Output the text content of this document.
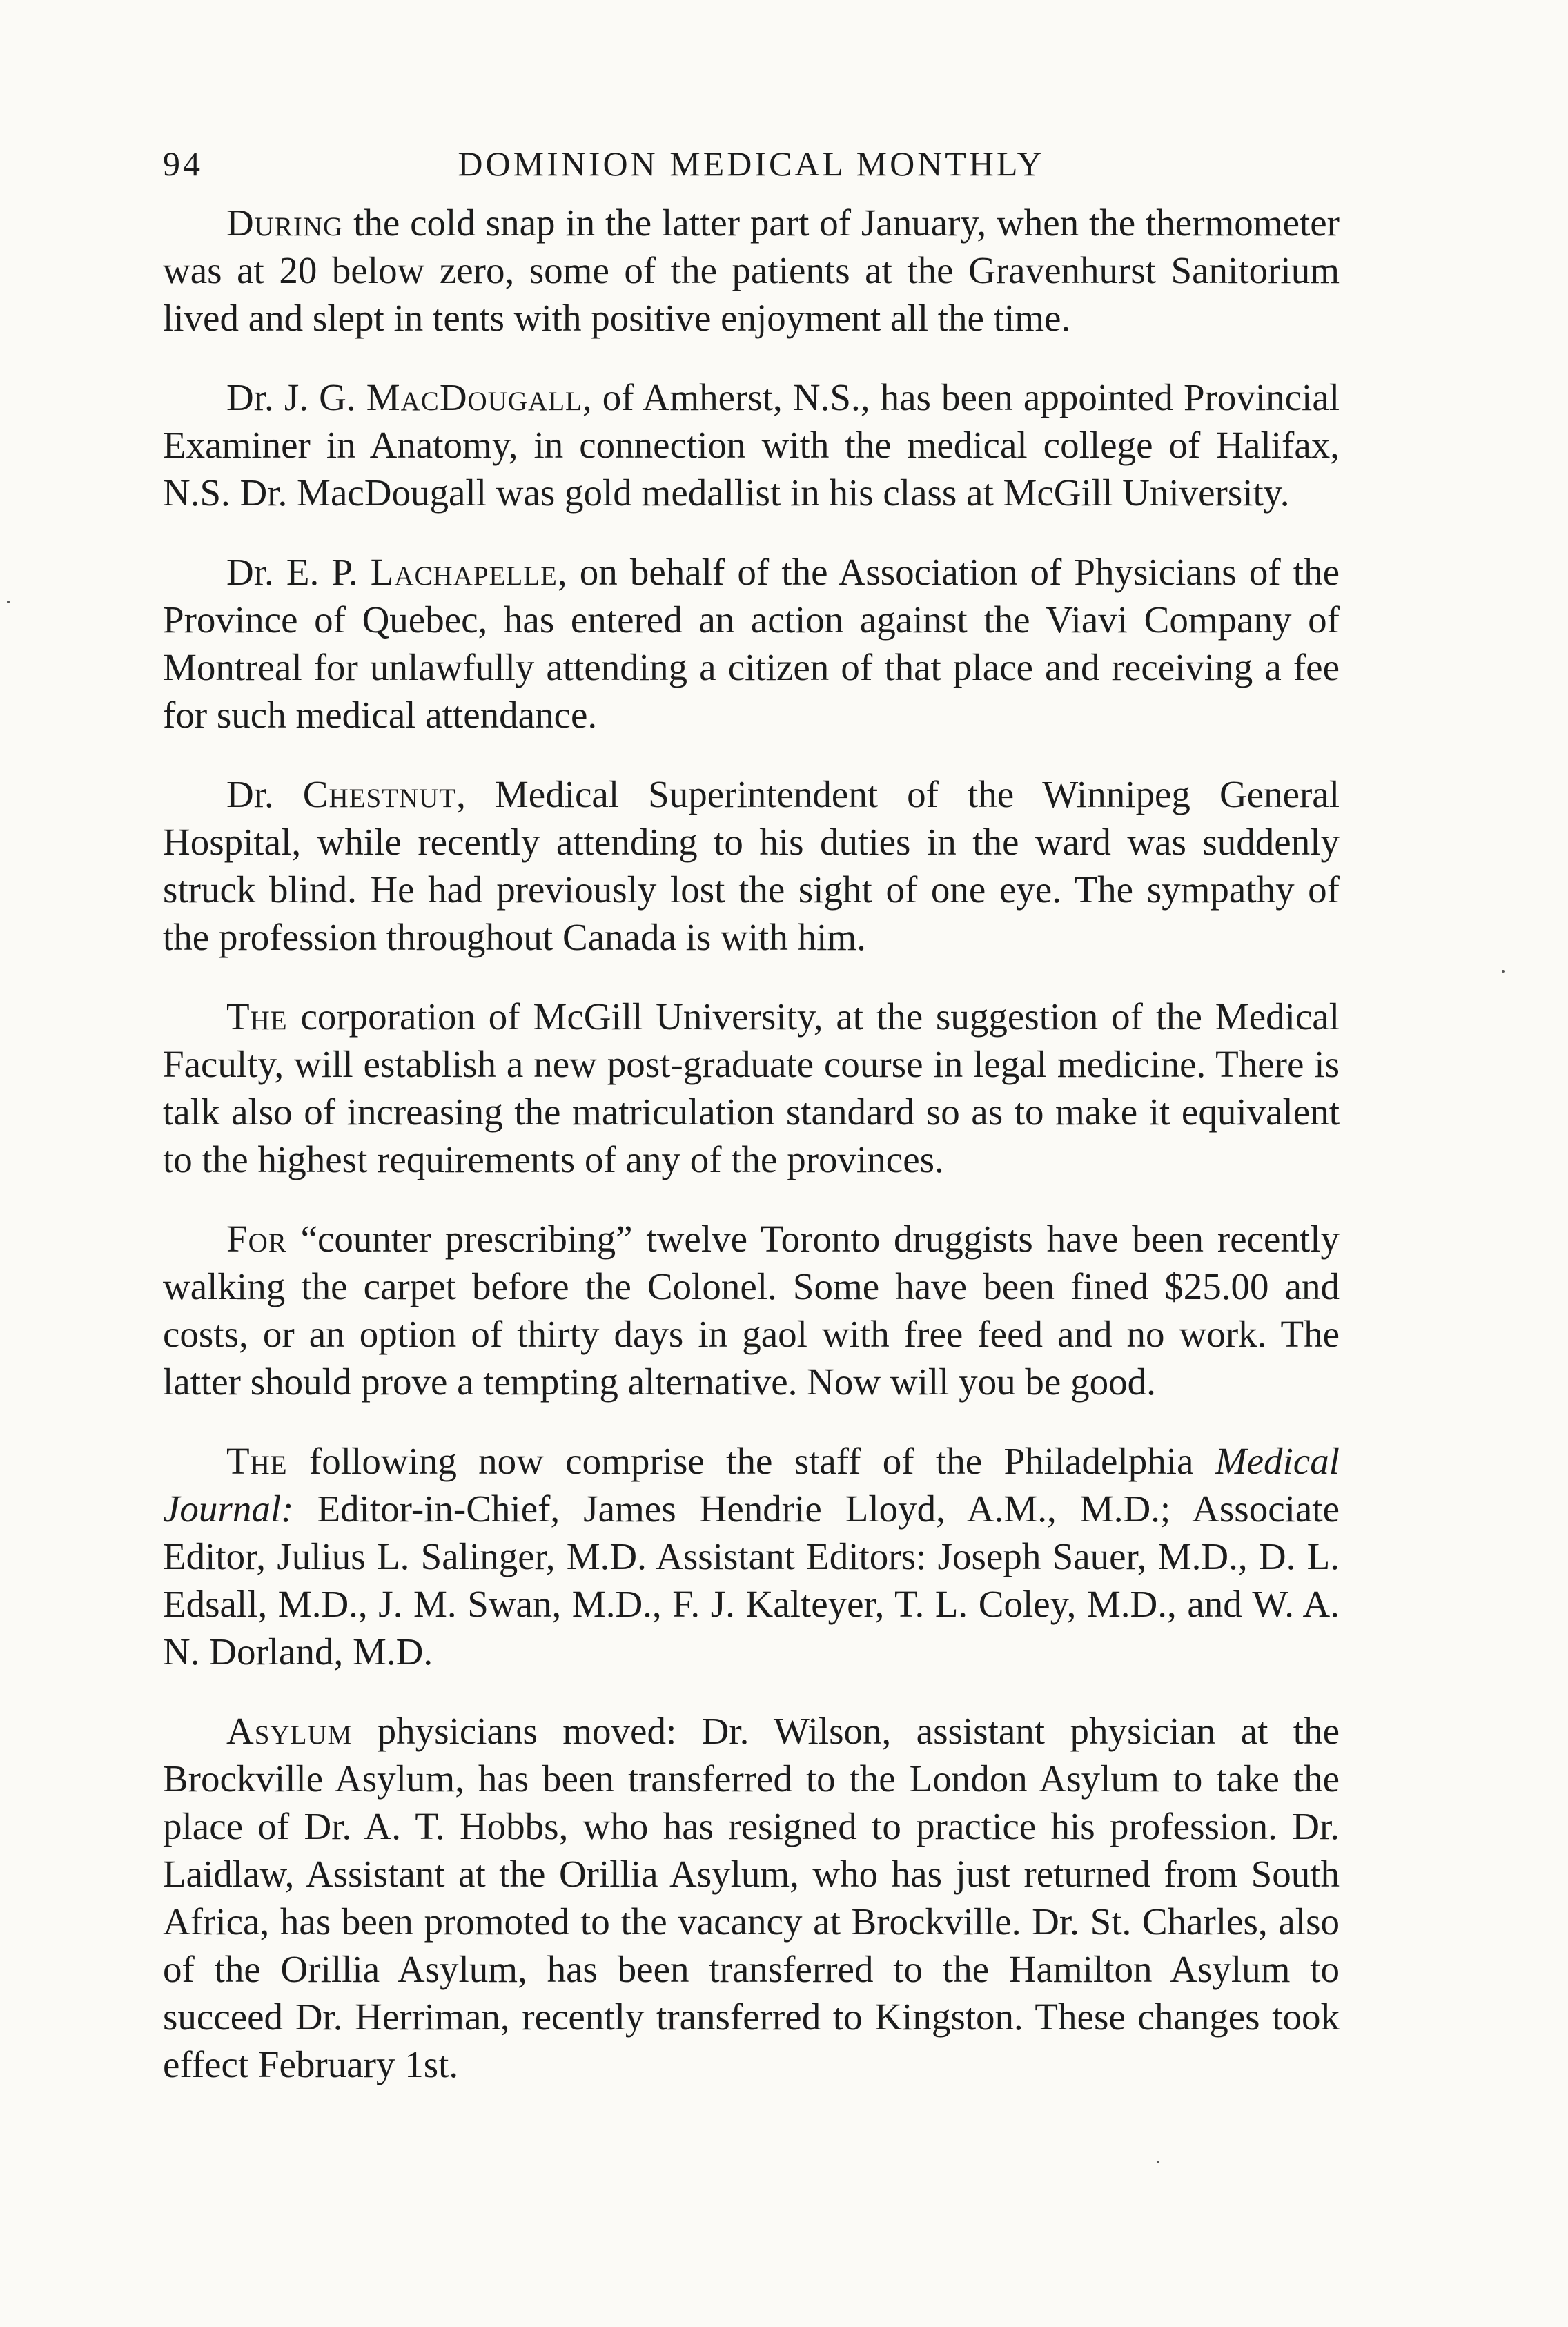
94	DOMINION MEDICAL MONTHLY

During the cold snap in the latter part of January, when the thermometer was at 20 below zero, some of the patients at the Gravenhurst Sanitorium lived and slept in tents with positive enjoyment all the time.

Dr. J. G. MacDougall, of Amherst, N.S., has been appointed Provincial Examiner in Anatomy, in connection with the medical college of Halifax, N.S. Dr. MacDougall was gold medallist in his class at McGill University.

Dr. E. P. Lachapelle, on behalf of the Association of Physicians of the Province of Quebec, has entered an action against the Viavi Company of Montreal for unlawfully attending a citizen of that place and receiving a fee for such medical attendance.

Dr. Chestnut, Medical Superintendent of the Winnipeg General Hospital, while recently attending to his duties in the ward was suddenly struck blind. He had previously lost the sight of one eye. The sympathy of the profession throughout Canada is with him.

The corporation of McGill University, at the suggestion of the Medical Faculty, will establish a new post-graduate course in legal medicine. There is talk also of increasing the matriculation standard so as to make it equivalent to the highest requirements of any of the provinces.

For “counter prescribing” twelve Toronto druggists have been recently walking the carpet before the Colonel. Some have been fined $25.00 and costs, or an option of thirty days in gaol with free feed and no work. The latter should prove a tempting alternative. Now will you be good.

The following now comprise the staff of the Philadelphia Medical Journal: Editor-in-Chief, James Hendrie Lloyd, A.M., M.D.; Associate Editor, Julius L. Salinger, M.D. Assistant Editors: Joseph Sauer, M.D., D. L. Edsall, M.D., J. M. Swan, M.D., F. J. Kalteyer, T. L. Coley, M.D., and W. A. N. Dorland, M.D.

Asylum physicians moved: Dr. Wilson, assistant physician at the Brockville Asylum, has been transferred to the London Asylum to take the place of Dr. A. T. Hobbs, who has resigned to practice his profession. Dr. Laidlaw, Assistant at the Orillia Asylum, who has just returned from South Africa, has been promoted to the vacancy at Brockville. Dr. St. Charles, also of the Orillia Asylum, has been transferred to the Hamilton Asylum to succeed Dr. Herriman, recently transferred to Kingston. These changes took effect February 1st.
